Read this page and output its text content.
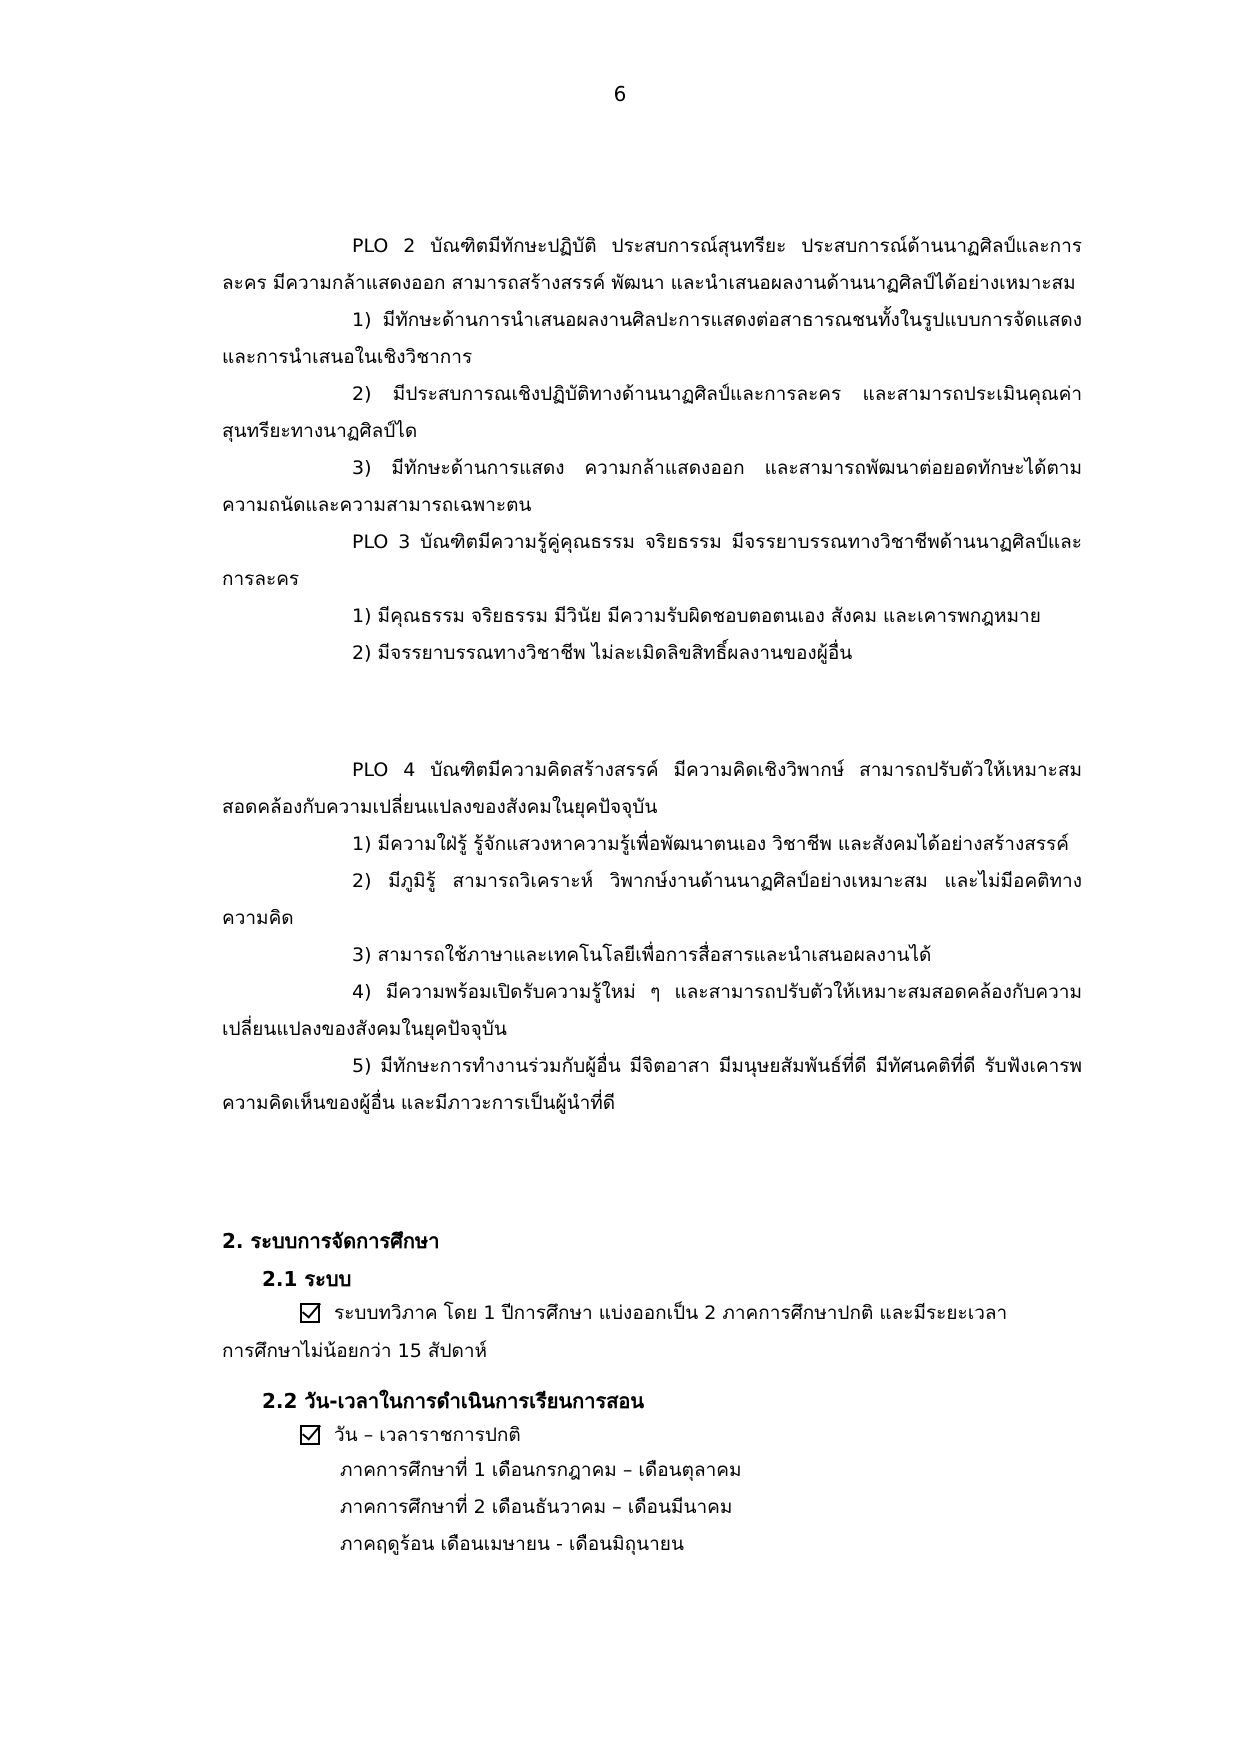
6

PLO 2 บัณฑิตมีทักษะปฏิบัติ ประสบการณ์สุนทรียะ ประสบการณ์ด้านนาฏศิลป์และการละคร มีความกล้าแสดงออก สามารถสร้างสรรค์ พัฒนา และนำเสนอผลงานด้านนาฏศิลป์ได้อย่างเหมาะสม

1) มีทักษะด้านการนำเสนอผลงานศิลปะการแสดงต่อสาธารณชนทั้งในรูปแบบการจัดแสดงและการนำเสนอในเชิงวิชาการ

2) มีประสบการณเชิงปฏิบัติทางด้านนาฏศิลป์และการละคร และสามารถประเมินคุณค่าสุนทรียะทางนาฏศิลป์ได

3) มีทักษะด้านการแสดง ความกล้าแสดงออก และสามารถพัฒนาต่อยอดทักษะได้ตามความถนัดและความสามารถเฉพาะตน

PLO 3 บัณฑิตมีความรู้คู่คุณธรรม จริยธรรม มีจรรยาบรรณทางวิชาชีพด้านนาฏศิลป์และการละคร

1) มีคุณธรรม จริยธรรม มีวินัย มีความรับผิดชอบตอตนเอง สังคม และเคารพกฎหมาย

2) มีจรรยาบรรณทางวิชาชีพ ไม่ละเมิดลิขสิทธิ์ผลงานของผู้อื่น

PLO 4 บัณฑิตมีความคิดสร้างสรรค์ มีความคิดเชิงวิพากษ์ สามารถปรับตัวให้เหมาะสมสอดคล้องกับความเปลี่ยนแปลงของสังคมในยุคปัจจุบัน

1) มีความใฝ่รู้ รู้จักแสวงหาความรู้เพื่อพัฒนาตนเอง วิชาชีพ และสังคมได้อย่างสร้างสรรค์

2) มีภูมิรู้ สามารถวิเคราะห์ วิพากษ์งานด้านนาฏศิลป์อย่างเหมาะสม และไม่มีอคติทางความคิด

3) สามารถใช้ภาษาและเทคโนโลยีเพื่อการสื่อสารและนำเสนอผลงานได้

4) มีความพร้อมเปิดรับความรู้ใหม่ ๆ และสามารถปรับตัวให้เหมาะสมสอดคล้องกับความเปลี่ยนแปลงของสังคมในยุคปัจจุบัน

5) มีทักษะการทำงานร่วมกับผู้อื่น มีจิตอาสา มีมนุษยสัมพันธ์ที่ดี มีทัศนคติที่ดี รับฟังเคารพความคิดเห็นของผู้อื่น และมีภาวะการเป็นผู้นำที่ดี

2. ระบบการจัดการศึกษา
2.1 ระบบ
ระบบทวิภาค โดย 1 ปีการศึกษา แบ่งออกเป็น 2 ภาคการศึกษาปกติ และมีระยะเวลา
การศึกษาไม่น้อยกว่า 15 สัปดาห์
2.2 วัน-เวลาในการดำเนินการเรียนการสอน
วัน – เวลาราชการปกติ
ภาคการศึกษาที่ 1 เดือนกรกฎาคม – เดือนตุลาคม
ภาคการศึกษาที่ 2 เดือนธันวาคม – เดือนมีนาคม
ภาคฤดูร้อน เดือนเมษายน - เดือนมิถุนายน
